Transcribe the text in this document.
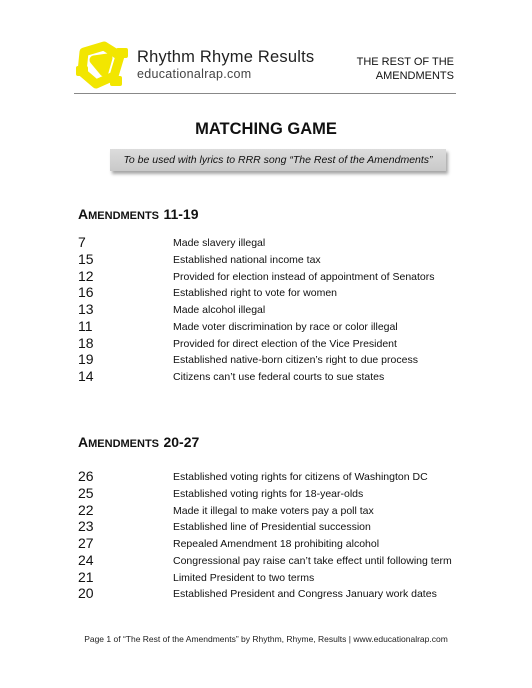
Rhythm Rhyme Results
educationalrap.com
THE REST OF THE
AMENDMENTS
MATCHING GAME
To be used with lyrics to RRR song “The Rest of the Amendments”
AMENDMENTS 11-19
7	Made slavery illegal
15	Established national income tax
12	Provided for election instead of appointment of Senators
16	Established right to vote for women
13	Made alcohol illegal
11	Made voter discrimination by race or color illegal
18	Provided for direct election of the Vice President
19	Established native-born citizen’s right to due process
14	Citizens can’t use federal courts to sue states
AMENDMENTS 20-27
26	Established voting rights for citizens of Washington DC
25	Established voting rights for 18-year-olds
22	Made it illegal to make voters pay a poll tax
23	Established line of Presidential succession
27	Repealed Amendment 18 prohibiting alcohol
24	Congressional pay raise can’t take effect until following term
21	Limited President to two terms
20	Established President and Congress January work dates
Page 1 of “The Rest of the Amendments” by Rhythm, Rhyme, Results | www.educationalrap.com
